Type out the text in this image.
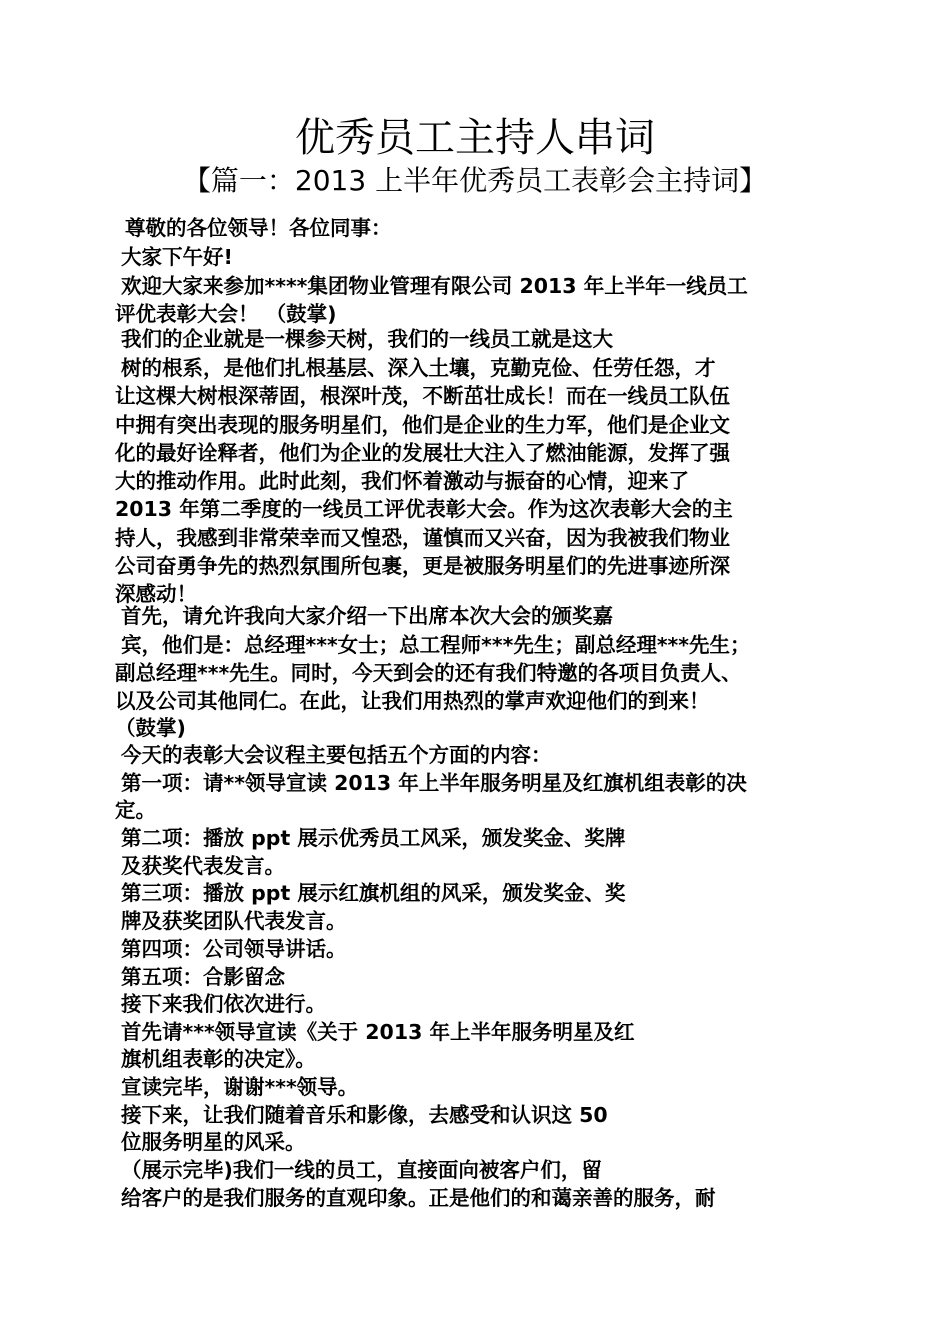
优秀员工主持人串词
【篇一：2013 上半年优秀员工表彰会主持词】
尊敬的各位领导！各位同事：
大家下午好!
欢迎大家来参加****集团物业管理有限公司 2013 年上半年一线员工
评优表彰大会！ （鼓掌)
我们的企业就是一棵参天树，我们的一线员工就是这大
树的根系，是他们扎根基层、深入土壤，克勤克俭、任劳任怨，才
让这棵大树根深蒂固，根深叶茂，不断茁壮成长！而在一线员工队伍
中拥有突出表现的服务明星们，他们是企业的生力军，他们是企业文
化的最好诠释者，他们为企业的发展壮大注入了燃油能源，发挥了强
大的推动作用。此时此刻，我们怀着激动与振奋的心情，迎来了
2013 年第二季度的一线员工评优表彰大会。作为这次表彰大会的主
持人，我感到非常荣幸而又惶恐，谨慎而又兴奋，因为我被我们物业
公司奋勇争先的热烈氛围所包裹，更是被服务明星们的先进事迹所深
深感动！
首先，请允许我向大家介绍一下出席本次大会的颁奖嘉
宾，他们是：总经理***女士；总工程师***先生；副总经理***先生；
副总经理***先生。同时，今天到会的还有我们特邀的各项目负责人、
以及公司其他同仁。在此，让我们用热烈的掌声欢迎他们的到来！
（鼓掌)
今天的表彰大会议程主要包括五个方面的内容：
第一项：请**领导宣读 2013 年上半年服务明星及红旗机组表彰的决
定。
第二项：播放 ppt 展示优秀员工风采，颁发奖金、奖牌
及获奖代表发言。
第三项：播放 ppt 展示红旗机组的风采，颁发奖金、奖
牌及获奖团队代表发言。
第四项：公司领导讲话。
第五项：合影留念
接下来我们依次进行。
首先请***领导宣读《关于 2013 年上半年服务明星及红
旗机组表彰的决定》。
宣读完毕，谢谢***领导。
接下来，让我们随着音乐和影像，去感受和认识这 50
位服务明星的风采。
（展示完毕)我们一线的员工，直接面向被客户们，留
给客户的是我们服务的直观印象。正是他们的和蔼亲善的服务，耐
